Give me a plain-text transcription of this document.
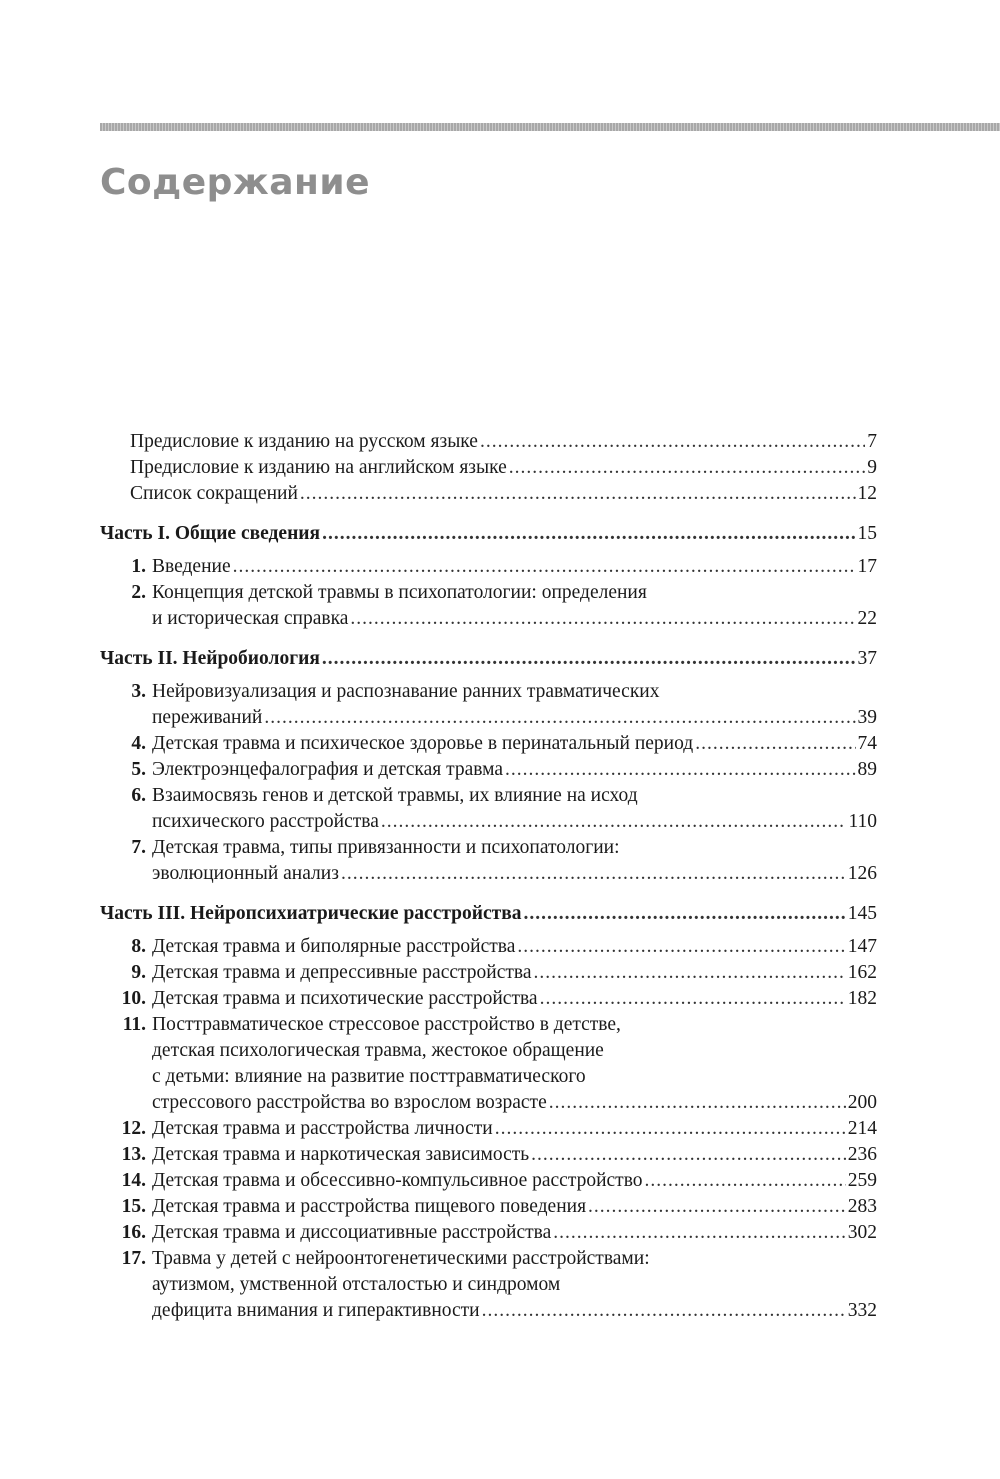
Содержание
Предисловие к изданию на русском языке .....	7
Предисловие к изданию на английском языке .....	9
Список сокращений .....	12
Часть I. Общие сведения .....	15
1. Введение .....	17
2. Концепция детской травмы в психопатологии: определения
и историческая справка .....	22
Часть II. Нейробиология .....	37
3. Нейровизуализация и распознавание ранних травматических
переживаний .....	39
4. Детская травма и психическое здоровье в перинатальный период .....	74
5. Электроэнцефалография и детская травма .....	89
6. Взаимосвязь генов и детской травмы, их влияние на исход
психического расстройства .....	110
7. Детская травма, типы привязанности и психопатологии:
эволюционный анализ .....	126
Часть III. Нейропсихиатрические расстройства .....	145
8. Детская травма и биполярные расстройства .....	147
9. Детская травма и депрессивные расстройства .....	162
10. Детская травма и психотические расстройства .....	182
11. Посттравматическое стрессовое расстройство в детстве,
детская психологическая травма, жестокое обращение
с детьми: влияние на развитие посттравматического
стрессового расстройства во взрослом возрасте .....	200
12. Детская травма и расстройства личности .....	214
13. Детская травма и наркотическая зависимость .....	236
14. Детская травма и обсессивно-компульсивное расстройство .....	259
15. Детская травма и расстройства пищевого поведения .....	283
16. Детская травма и диссоциативные расстройства .....	302
17. Травма у детей с нейроонтогенетическими расстройствами:
аутизмом, умственной отсталостью и синдромом
дефицита внимания и гиперактивности .....	332
